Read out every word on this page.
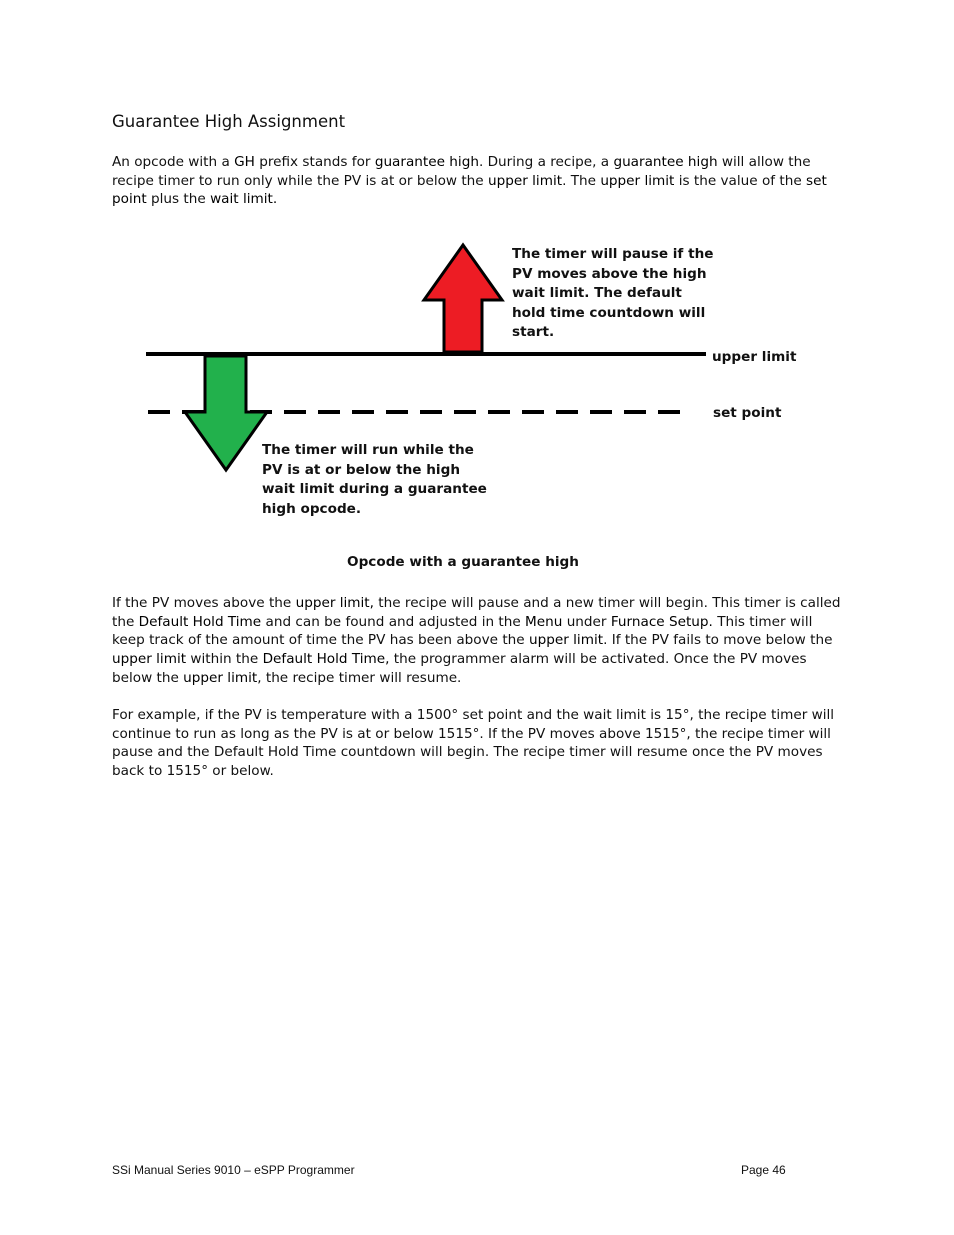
Guarantee High Assignment

An opcode with a GH prefix stands for guarantee high. During a recipe, a guarantee high will allow the recipe timer to run only while the PV is at or below the upper limit. The upper limit is the value of the set point plus the wait limit.

The timer will pause if the
PV moves above the high
wait limit. The default
hold time countdown will
start.
upper limit
set point
The timer will run while the
PV is at or below the high
wait limit during a guarantee
high opcode.
Opcode with a guarantee high

If the PV moves above the upper limit, the recipe will pause and a new timer will begin. This timer is called the Default Hold Time and can be found and adjusted in the Menu under Furnace Setup. This timer will keep track of the amount of time the PV has been above the upper limit. If the PV fails to move below the upper limit within the Default Hold Time, the programmer alarm will be activated. Once the PV moves below the upper limit, the recipe timer will resume.

For example, if the PV is temperature with a 1500° set point and the wait limit is 15°, the recipe timer will continue to run as long as the PV is at or below 1515°. If the PV moves above 1515°, the recipe timer will pause and the Default Hold Time countdown will begin. The recipe timer will resume once the PV moves back to 1515° or below.

SSi Manual Series 9010 – eSPP Programmer	Page 46
